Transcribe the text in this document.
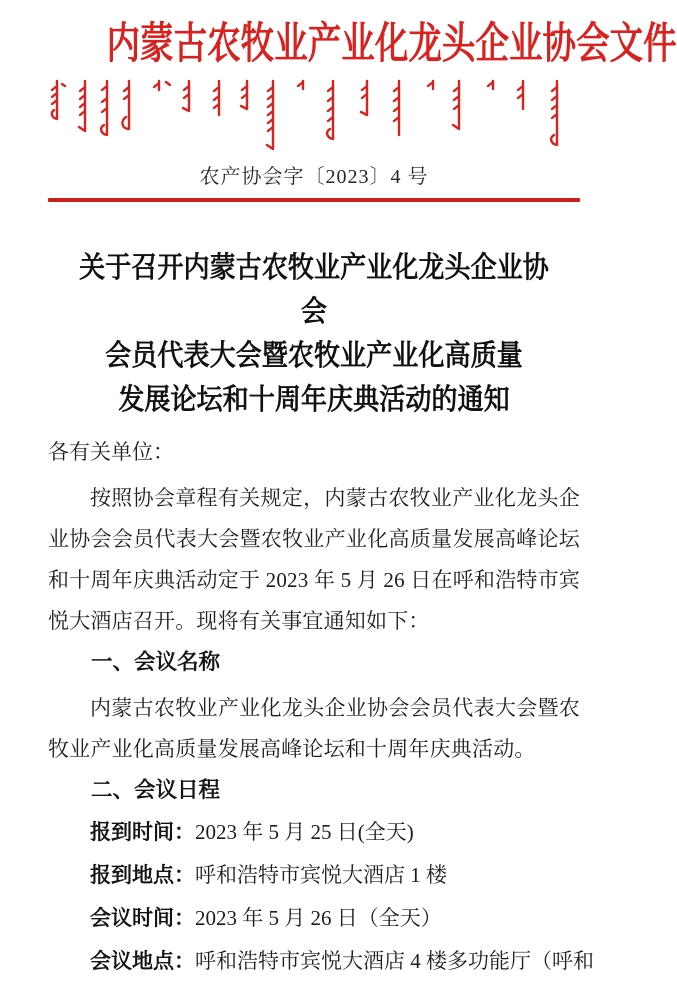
内蒙古农牧业产业化龙头企业协会文件
农产协会字〔2023〕4 号
关于召开内蒙古农牧业产业化龙头企业协会
会员代表大会暨农牧业产业化高质量
发展论坛和十周年庆典活动的通知

各有关单位：

按照协会章程有关规定，内蒙古农牧业产业化龙头企业协会会员代表大会暨农牧业产业化高质量发展高峰论坛和十周年庆典活动定于 2023 年 5 月 26 日在呼和浩特市宾悦大酒店召开。现将有关事宜通知如下：

一、会议名称

内蒙古农牧业产业化龙头企业协会会员代表大会暨农牧业产业化高质量发展高峰论坛和十周年庆典活动。

二、会议日程

报到时间：2023 年 5 月 25 日(全天)

报到地点：呼和浩特市宾悦大酒店 1 楼

会议时间：2023 年 5 月 26 日（全天）

会议地点：呼和浩特市宾悦大酒店 4 楼多功能厅（呼和
